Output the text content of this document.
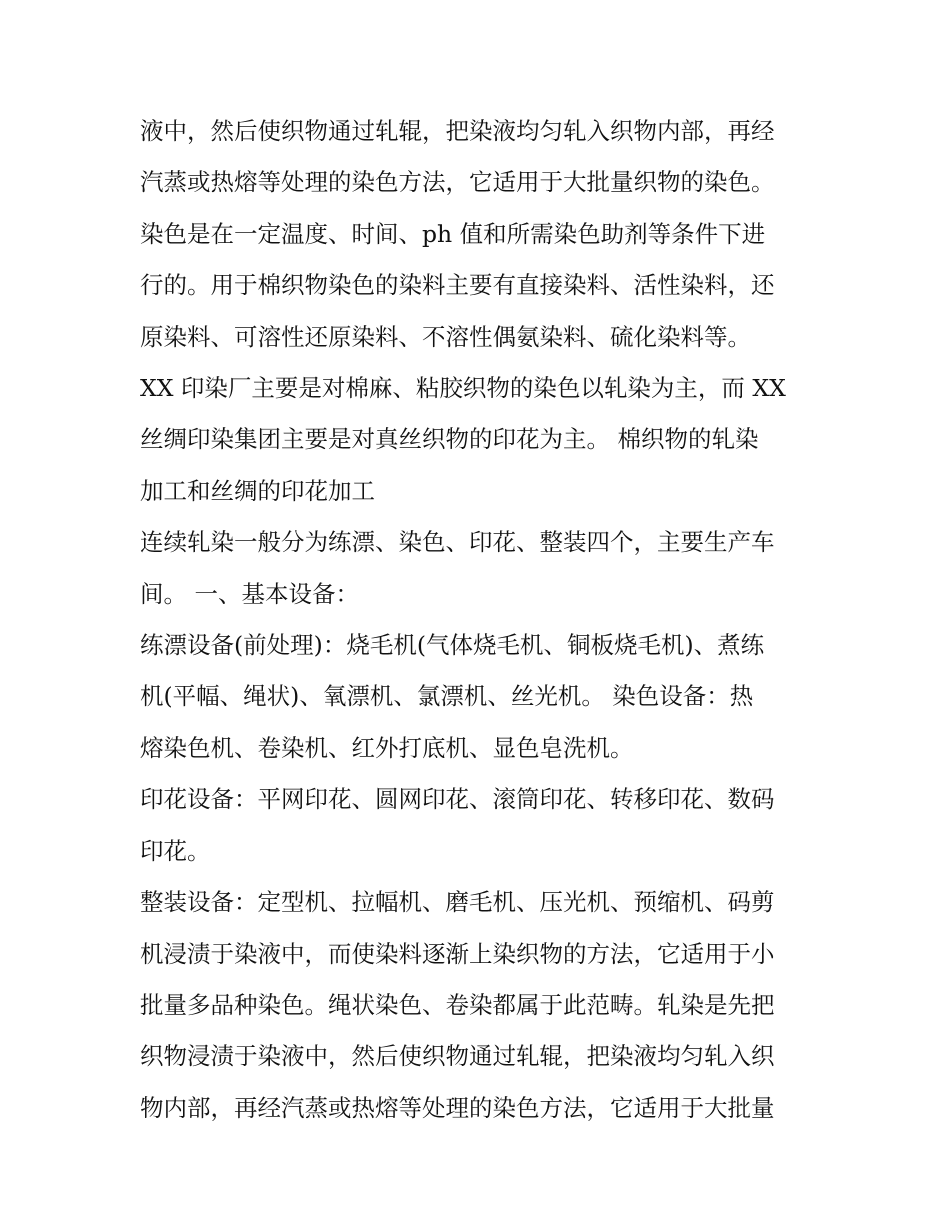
液中，然后使织物通过轧辊，把染液均匀轧入织物内部，再经
汽蒸或热熔等处理的染色方法，它适用于大批量织物的染色。
染色是在一定温度、时间、ph 值和所需染色助剂等条件下进
行的。用于棉织物染色的染料主要有直接染料、活性染料，还
原染料、可溶性还原染料、不溶性偶氨染料、硫化染料等。
XX 印染厂主要是对棉麻、粘胶织物的染色以轧染为主，而 XX
丝绸印染集团主要是对真丝织物的印花为主。 棉织物的轧染
加工和丝绸的印花加工
连续轧染一般分为练漂、染色、印花、整装四个，主要生产车
间。 一、基本设备：
练漂设备(前处理)：烧毛机(气体烧毛机、铜板烧毛机)、煮练
机(平幅、绳状)、氧漂机、氯漂机、丝光机。 染色设备：热
熔染色机、卷染机、红外打底机、显色皂洗机。
印花设备：平网印花、圆网印花、滚筒印花、转移印花、数码
印花。
整装设备：定型机、拉幅机、磨毛机、压光机、预缩机、码剪
机浸渍于染液中，而使染料逐渐上染织物的方法，它适用于小
批量多品种染色。绳状染色、卷染都属于此范畴。轧染是先把
织物浸渍于染液中，然后使织物通过轧辊，把染液均匀轧入织
物内部，再经汽蒸或热熔等处理的染色方法，它适用于大批量
